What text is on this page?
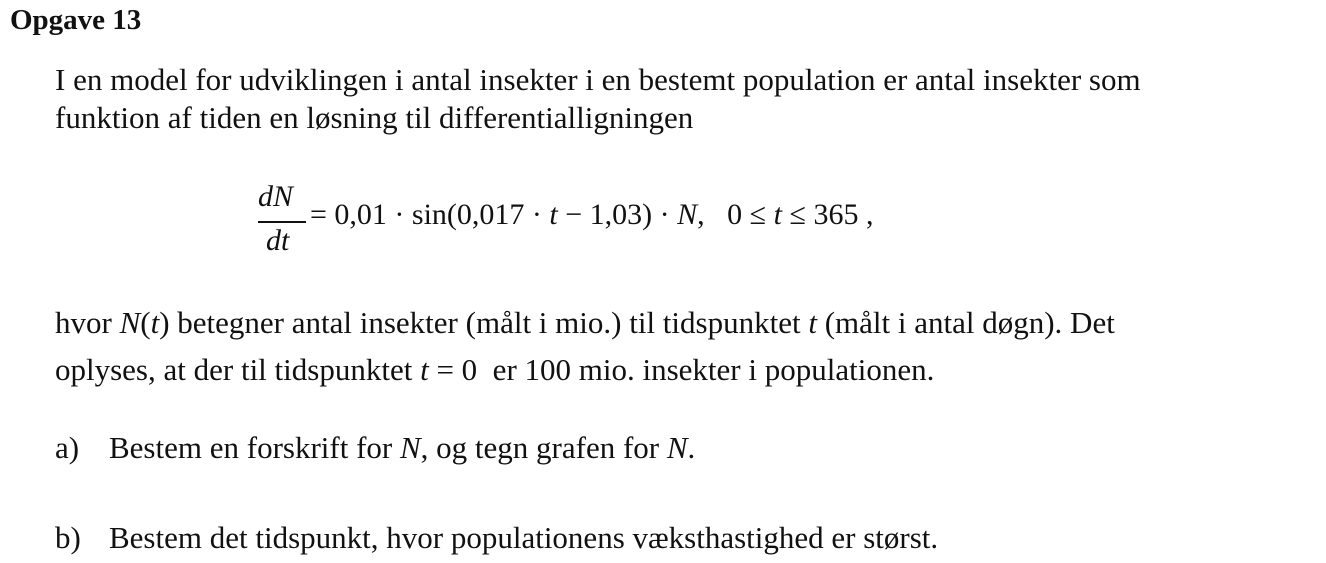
Opgave 13
I en model for udviklingen i antal insekter i en bestemt population er antal insekter som
funktion af tiden en løsning til differentialligningen
dN
dt
= 0,01 · sin(0,017 · t − 1,03) · N,   0 ≤ t ≤ 365 ,
hvor N(t) betegner antal insekter (målt i mio.) til tidspunktet t (målt i antal døgn). Det
oplyses, at der til tidspunktet t = 0  er 100 mio. insekter i populationen.
a) Bestem en forskrift for N, og tegn grafen for N.
b) Bestem det tidspunkt, hvor populationens væksthastighed er størst.
